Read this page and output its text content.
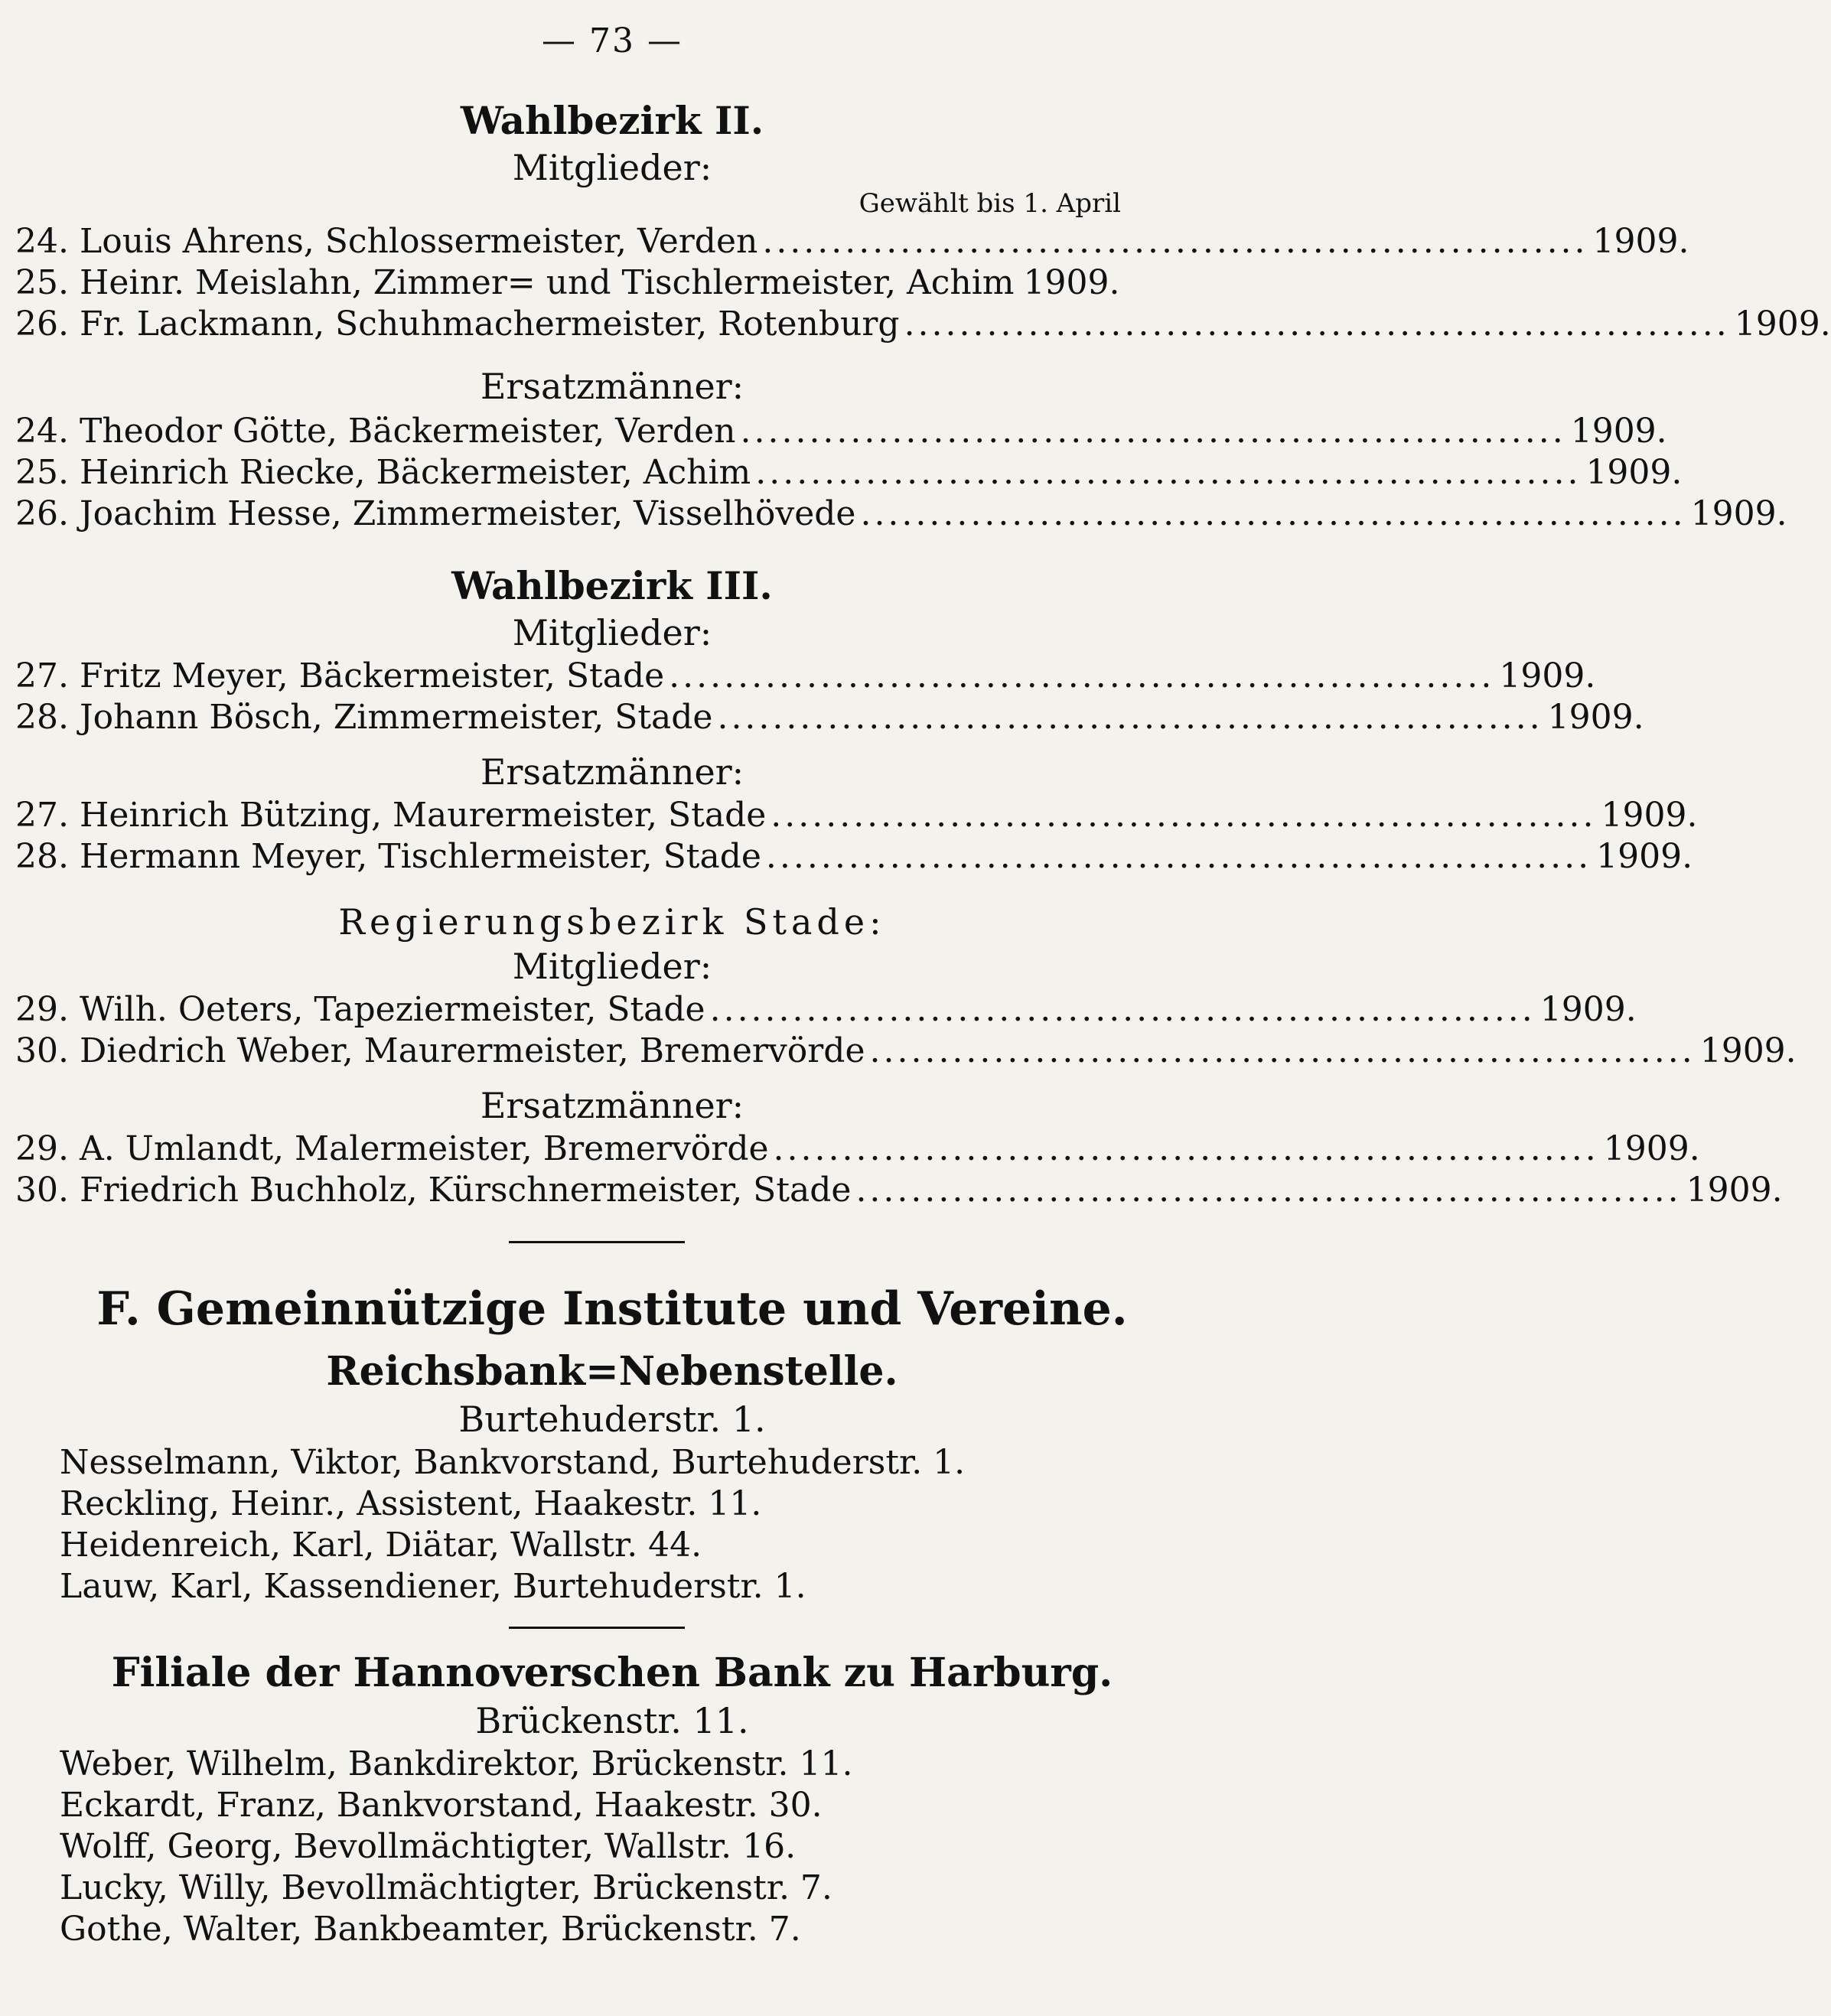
— 73 —
Wahlbezirk II.
Mitglieder:
Gewählt bis 1. April
24. Louis Ahrens, Schlossermeister, Verden ............................................................ 1909.
25. Heinr. Meislahn, Zimmer= und Tischlermeister, Achim 1909.
26. Fr. Lackmann, Schuhmachermeister, Rotenburg ............................................................ 1909.
Ersatzmänner:
24. Theodor Götte, Bäckermeister, Verden ............................................................ 1909.
25. Heinrich Riecke, Bäckermeister, Achim ............................................................ 1909.
26. Joachim Hesse, Zimmermeister, Visselhövede ............................................................ 1909.
Wahlbezirk III.
Mitglieder:
27. Fritz Meyer, Bäckermeister, Stade ............................................................ 1909.
28. Johann Bösch, Zimmermeister, Stade ............................................................ 1909.
Ersatzmänner:
27. Heinrich Bützing, Maurermeister, Stade ............................................................ 1909.
28. Hermann Meyer, Tischlermeister, Stade ............................................................ 1909.
Regierungsbezirk Stade:
Mitglieder:
29. Wilh. Oeters, Tapeziermeister, Stade ............................................................ 1909.
30. Diedrich Weber, Maurermeister, Bremervörde ............................................................ 1909.
Ersatzmänner:
29. A. Umlandt, Malermeister, Bremervörde ............................................................ 1909.
30. Friedrich Buchholz, Kürschnermeister, Stade ............................................................ 1909.
F. Gemeinnützige Institute und Vereine.
Reichsbank=Nebenstelle.
Burtehuderstr. 1.
Nesselmann, Viktor, Bankvorstand, Burtehuderstr. 1.
Reckling, Heinr., Assistent, Haakestr. 11.
Heidenreich, Karl, Diätar, Wallstr. 44.
Lauw, Karl, Kassendiener, Burtehuderstr. 1.
Filiale der Hannoverschen Bank zu Harburg.
Brückenstr. 11.
Weber, Wilhelm, Bankdirektor, Brückenstr. 11.
Eckardt, Franz, Bankvorstand, Haakestr. 30.
Wolff, Georg, Bevollmächtigter, Wallstr. 16.
Lucky, Willy, Bevollmächtigter, Brückenstr. 7.
Gothe, Walter, Bankbeamter, Brückenstr. 7.
